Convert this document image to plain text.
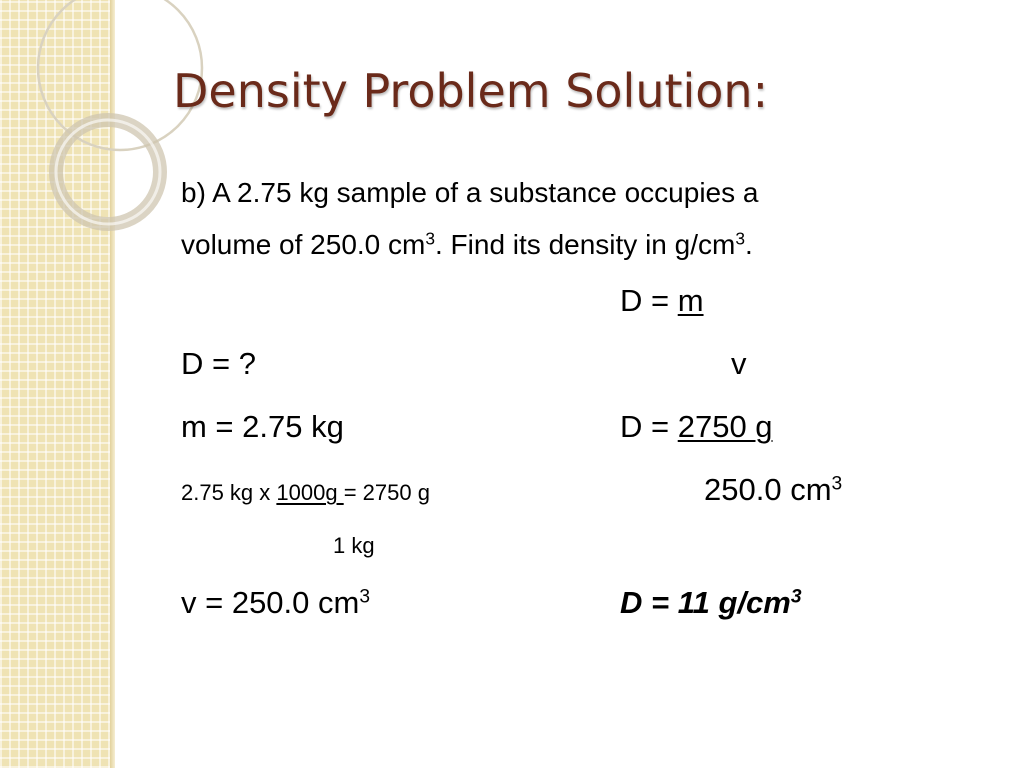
Density Problem Solution:
b) A 2.75 kg sample of a substance occupies a
volume of 250.0 $cm^3$. Find its density in $g/cm^3$.
D = ?
m = 2.75 kg
2.75 kg x 1000g = 2750 g
1 kg
v = 250.0 $cm^3$
D = m
v
D = 2750 g
250.0 $cm^3$
D = 11 $g/cm^3$
